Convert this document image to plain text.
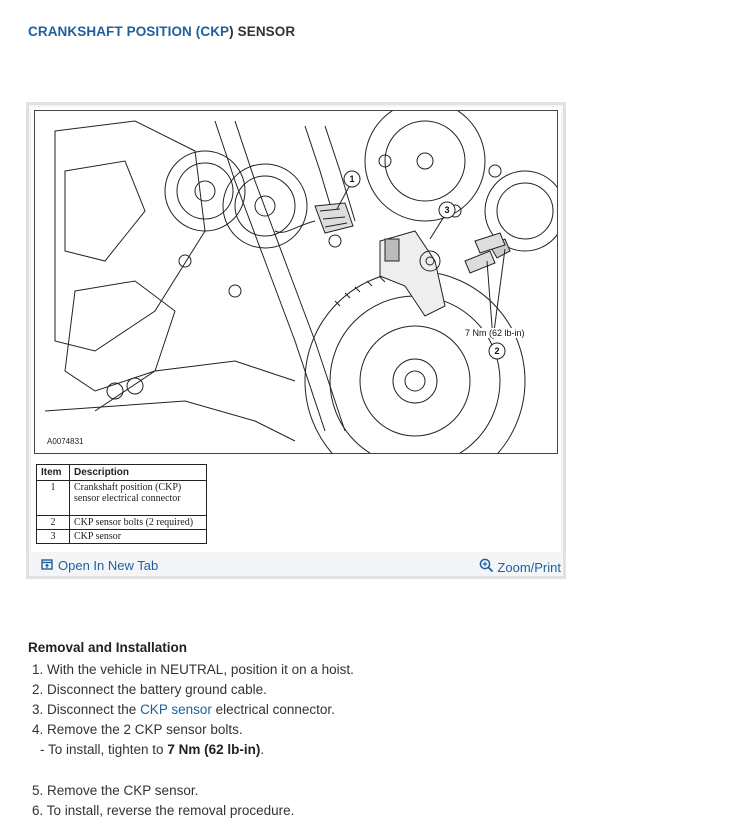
CRANKSHAFT POSITION (CKP) SENSOR
1
3
2
A0074831
7 Nm (62 lb-in)
Item	Description
1	Crankshaft position (CKP) sensor electrical connector
2	CKP sensor bolts (2 required)
3	CKP sensor
Open In New Tab	Zoom/Print
Removal and Installation
1. With the vehicle in NEUTRAL, position it on a hoist.
2. Disconnect the battery ground cable.
3. Disconnect the CKP sensor electrical connector.
4. Remove the 2 CKP sensor bolts.
- To install, tighten to 7 Nm (62 lb-in).
5. Remove the CKP sensor.
6. To install, reverse the removal procedure.
